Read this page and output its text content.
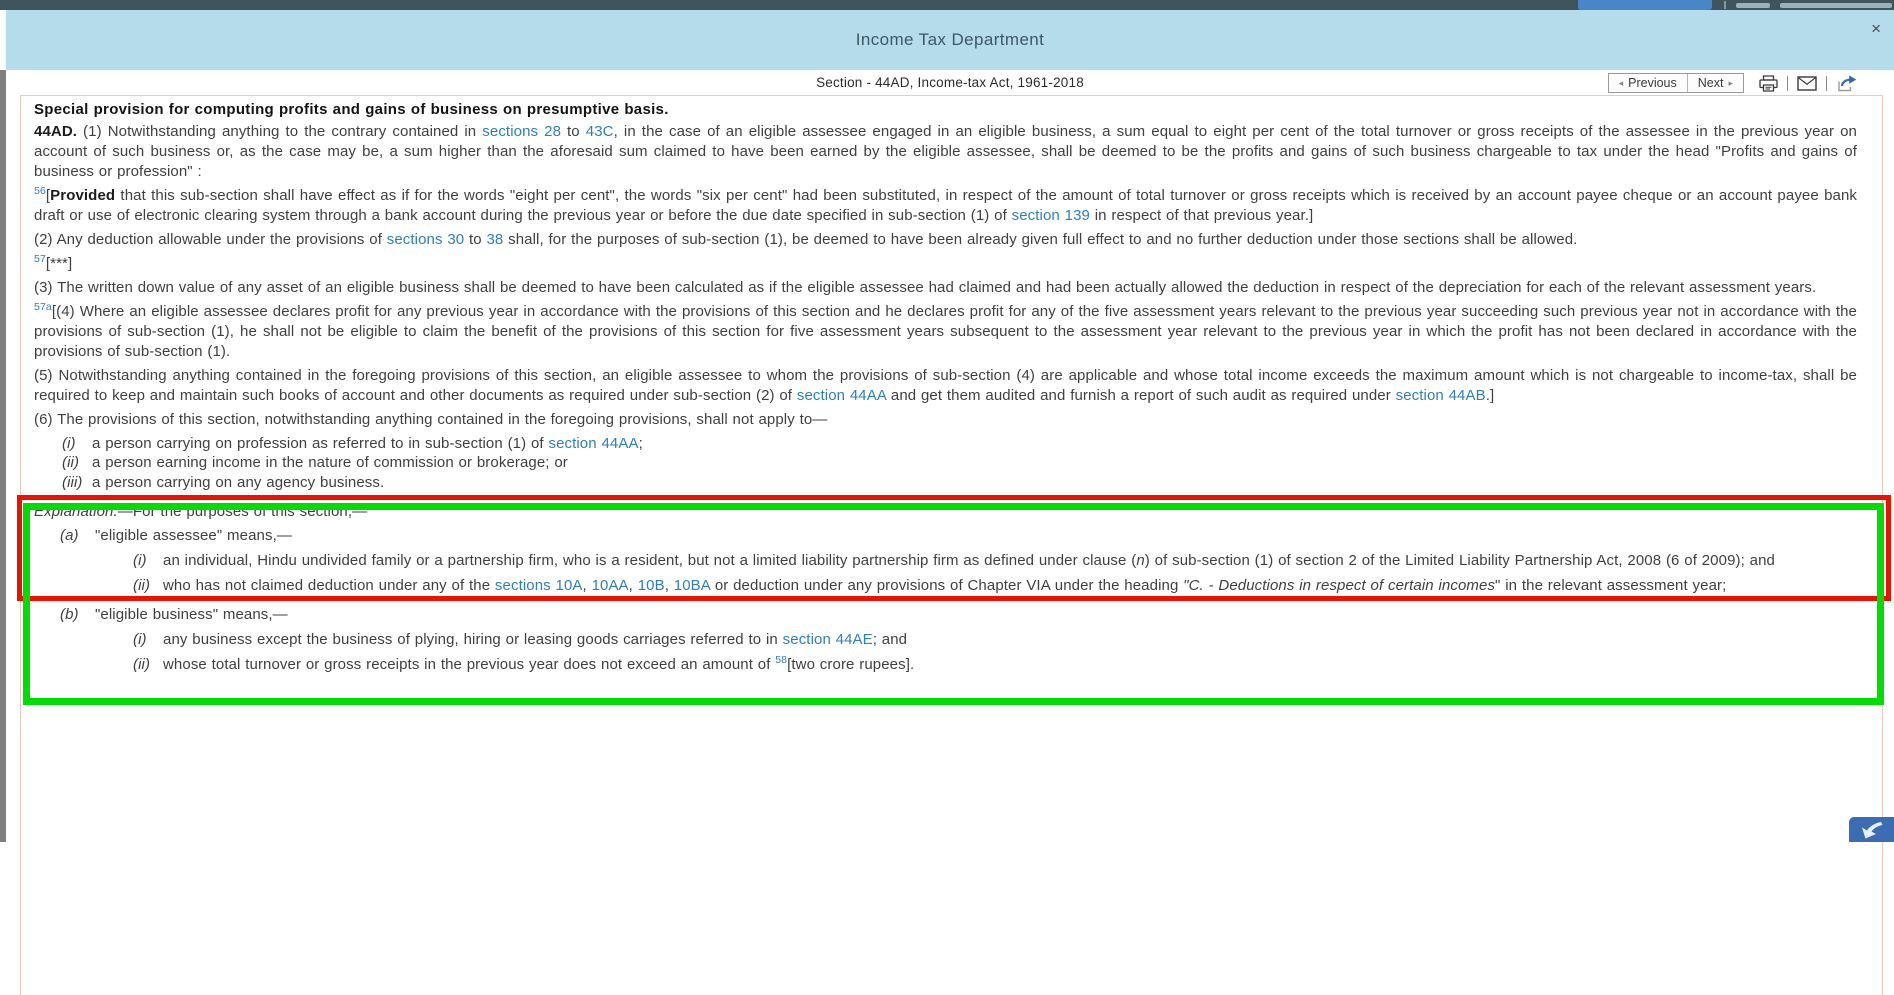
Income Tax Department
×
Section - 44AD, Income-tax Act, 1961-2018	◂ Previous Next ▸
Special provision for computing profits and gains of business on presumptive basis.
44AD. (1) Notwithstanding anything to the contrary contained in sections 28 to 43C, in the case of an eligible assessee engaged in an eligible business, a sum equal to eight per cent of the total turnover or gross receipts of the assessee in the previous year on account of such business or, as the case may be, a sum higher than the aforesaid sum claimed to have been earned by the eligible assessee, shall be deemed to be the profits and gains of such business chargeable to tax under the head "Profits and gains of business or profession" :
$^{56}$[Provided that this sub-section shall have effect as if for the words "eight per cent", the words "six per cent" had been substituted, in respect of the amount of total turnover or gross receipts which is received by an account payee cheque or an account payee bank draft or use of electronic clearing system through a bank account during the previous year or before the due date specified in sub-section (1) of section 139 in respect of that previous year.]
(2) Any deduction allowable under the provisions of sections 30 to 38 shall, for the purposes of sub-section (1), be deemed to have been already given full effect to and no further deduction under those sections shall be allowed.
$^{57}$[***]
(3) The written down value of any asset of an eligible business shall be deemed to have been calculated as if the eligible assessee had claimed and had been actually allowed the deduction in respect of the depreciation for each of the relevant assessment years.
$^{57a}$[(4) Where an eligible assessee declares profit for any previous year in accordance with the provisions of this section and he declares profit for any of the five assessment years relevant to the previous year succeeding such previous year not in accordance with the provisions of sub-section (1), he shall not be eligible to claim the benefit of the provisions of this section for five assessment years subsequent to the assessment year relevant to the previous year in which the profit has not been declared in accordance with the provisions of sub-section (1).
(5) Notwithstanding anything contained in the foregoing provisions of this section, an eligible assessee to whom the provisions of sub-section (4) are applicable and whose total income exceeds the maximum amount which is not chargeable to income-tax, shall be required to keep and maintain such books of account and other documents as required under sub-section (2) of section 44AA and get them audited and furnish a report of such audit as required under section 44AB.]
(6) The provisions of this section, notwithstanding anything contained in the foregoing provisions, shall not apply to—
(i) a person carrying on profession as referred to in sub-section (1) of section 44AA;
(ii) a person earning income in the nature of commission or brokerage; or
(iii) a person carrying on any agency business.
Explanation.—For the purposes of this section,—
(a) "eligible assessee" means,—
(i) an individual, Hindu undivided family or a partnership firm, who is a resident, but not a limited liability partnership firm as defined under clause (n) of sub-section (1) of section 2 of the Limited Liability Partnership Act, 2008 (6 of 2009); and
(ii) who has not claimed deduction under any of the sections 10A, 10AA, 10B, 10BA or deduction under any provisions of Chapter VIA under the heading "C. - Deductions in respect of certain incomes" in the relevant assessment year;
(b) "eligible business" means,—
(i) any business except the business of plying, hiring or leasing goods carriages referred to in section 44AE; and
(ii) whose total turnover or gross receipts in the previous year does not exceed an amount of $^{58}$[two crore rupees].
